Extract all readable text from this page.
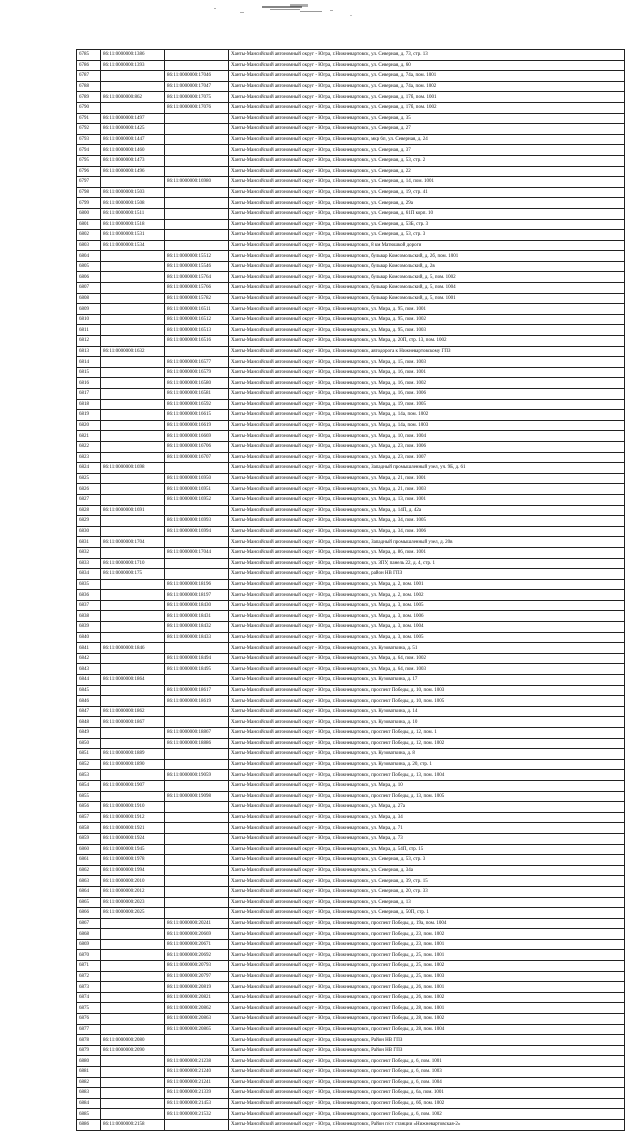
6785	86:11:0000000:1386		Ханты-Мансийский автономный округ - Югра, г.Нижневартовск, ул. Северная, д. 73, стр. 13
6786	86:11:0000000:1393		Ханты-Мансийский автономный округ - Югра, г.Нижневартовск, ул. Северная, д. 60
6787		86:11:0000000:17046	Ханты-Мансийский автономный округ - Югра, г.Нижневартовск, ул. Северная, д. 74а, пом. 1001
6788		86:11:0000000:17047	Ханты-Мансийский автономный округ - Югра, г.Нижневартовск, ул. Северная, д. 74а, пом. 1002
6789	86:11:0000000:862	86:11:0000000:17075	Ханты-Мансийский автономный округ - Югра, г.Нижневартовск, ул. Северная, д. 17б, пом. 1001
6790		86:11:0000000:17076	Ханты-Мансийский автономный округ - Югра, г.Нижневартовск, ул. Северная, д. 17б, пом. 1002
6791	86:11:0000000:1497		Ханты-Мансийский автономный округ - Югра, г.Нижневартовск, ул. Северная, д. 35
6792	86:11:0000000:1425		Ханты-Мансийский автономный округ - Югра, г.Нижневартовск, ул. Северная, д. 27
6793	86:11:0000000:1447		Ханты-Мансийский автономный округ - Югра, г.Нижневартовск, мкр 6п, ул. Северная, д. 24
6794	86:11:0000000:1460		Ханты-Мансийский автономный округ - Югра, г.Нижневартовск, ул. Северная, д. 37
6795	86:11:0000000:1473		Ханты-Мансийский автономный округ - Югра, г.Нижневартовск, ул. Северная, д. 53, стр. 2
6796	86:11:0000000:1496		Ханты-Мансийский автономный округ - Югра, г.Нижневартовск, ул. Северная, д. 22
6797		86:11:0000000:16980	Ханты-Мансийский автономный округ - Югра, г.Нижневартовск, ул. Северная, д. 14, пом. 1001
6798	86:11:0000000:1503		Ханты-Мансийский автономный округ - Югра, г.Нижневартовск, ул. Северная, д. 19, стр. 41
6799	86:11:0000000:1508		Ханты-Мансийский автономный округ - Югра, г.Нижневартовск, ул. Северная, д. 29а
6800	86:11:0000000:1511		Ханты-Мансийский автономный округ - Югра, г.Нижневартовск, ул. Северная, д. 61П корп. 10
6801	86:11:0000000:1518		Ханты-Мансийский автономный округ - Югра, г.Нижневартовск, ул. Северная, д. 53Б, стр. 3
6802	86:11:0000000:1531		Ханты-Мансийский автономный округ - Югра, г.Нижневартовск, ул. Северная, д. 53, стр. 3
6803	86:11:0000000:1534		Ханты-Мансийский автономный округ - Югра, г.Нижневартовск, 8 км Матюшкой дороги
6804		86:11:0000000:15512	Ханты-Мансийский автономный округ - Югра, г.Нижневартовск, бульвар Комсомольский, д. 2б, пом. 1001
6805		86:11:0000000:15546	Ханты-Мансийский автономный округ - Югра, г.Нижневартовск, бульвар Комсомольский, д. 2в
6806		86:11:0000000:15764	Ханты-Мансийский автономный округ - Югра, г.Нижневартовск, бульвар Комсомольский, д. 5, пом. 1002
6807		86:11:0000000:15766	Ханты-Мансийский автономный округ - Югра, г.Нижневартовск, бульвар Комсомольский, д. 5, пом. 1004
6808		86:11:0000000:15782	Ханты-Мансийский автономный округ - Югра, г.Нижневартовск, бульвар Комсомольский, д. 5, пом. 1001
6809		86:11:0000000:16511	Ханты-Мансийский автономный округ - Югра, г.Нижневартовск, ул. Мира, д. 95, пом. 1001
6810		86:11:0000000:16512	Ханты-Мансийский автономный округ - Югра, г.Нижневартовск, ул. Мира, д. 95, пом. 1002
6811		86:11:0000000:16513	Ханты-Мансийский автономный округ - Югра, г.Нижневартовск, ул. Мира, д. 95, пом. 1003
6812		86:11:0000000:16516	Ханты-Мансийский автономный округ - Югра, г.Нижневартовск, ул. Мира, д. 20П, стр. 13, пом. 1002
6813	86:11:0000000:1632		Ханты-Мансийский автономный округ - Югра, г.Нижневартовск, автодорога к Нижневартовскому ГПЗ
6814		86:11:0000000:16577	Ханты-Мансийский автономный округ - Югра, г.Нижневартовск, ул. Мира, д. 15, пом. 1003
6815		86:11:0000000:16579	Ханты-Мансийский автономный округ - Югра, г.Нижневартовск, ул. Мира, д. 16, пом. 1001
6816		86:11:0000000:16580	Ханты-Мансийский автономный округ - Югра, г.Нижневартовск, ул. Мира, д. 16, пом. 1002
6817		86:11:0000000:16581	Ханты-Мансийский автономный округ - Югра, г.Нижневартовск, ул. Мира, д. 16, пом. 1006
6818		86:11:0000000:16592	Ханты-Мансийский автономный округ - Югра, г.Нижневартовск, ул. Мира, д. 19, пом. 1005
6819		86:11:0000000:16615	Ханты-Мансийский автономный округ - Югра, г.Нижневартовск, ул. Мира, д. 14а, пом. 1002
6820		86:11:0000000:16619	Ханты-Мансийский автономный округ - Югра, г.Нижневартовск, ул. Мира, д. 14а, пом. 1003
6821		86:11:0000000:16669	Ханты-Мансийский автономный округ - Югра, г.Нижневартовск, ул. Мира, д. 10, пом. 1004
6822		86:11:0000000:16706	Ханты-Мансийский автономный округ - Югра, г.Нижневартовск, ул. Мира, д. 23, пом. 1006
6823		86:11:0000000:16707	Ханты-Мансийский автономный округ - Югра, г.Нижневартовск, ул. Мира, д. 23, пом. 1007
6824	86:11:0000000:1698		Ханты-Мансийский автономный округ - Югра, г.Нижневартовск, Западный промышленный узел, уч. 9Б, д. 61
6825		86:11:0000000:16950	Ханты-Мансийский автономный округ - Югра, г.Нижневартовск, ул. Мира, д. 21, пом. 1001
6826		86:11:0000000:16951	Ханты-Мансийский автономный округ - Югра, г.Нижневартовск, ул. Мира, д. 21, пом. 1003
6827		86:11:0000000:16952	Ханты-Мансийский автономный округ - Югра, г.Нижневартовск, ул. Мира, д. 13, пом. 1001
6828	86:11:0000000:1691		Ханты-Мансийский автономный округ - Югра, г.Нижневартовск, ул. Мира, д. 14П, д. 42а
6829		86:11:0000000:16993	Ханты-Мансийский автономный округ - Югра, г.Нижневартовск, ул. Мира, д. 34, пом. 1005
6830		86:11:0000000:16994	Ханты-Мансийский автономный округ - Югра, г.Нижневартовск, ул. Мира, д. 34, пом. 1006
6831	86:11:0000000:1704		Ханты-Мансийский автономный округ - Югра, г.Нижневартовск, Западный промышленный узел, д. 20в
6832		86:11:0000000:17044	Ханты-Мансийский автономный округ - Югра, г.Нижневартовск, ул. Мира, д. 86, пом. 1001
6833	86:11:0000000:1710		Ханты-Мансийский автономный округ - Югра, г.Нижневартовск, ул. ЗПУ, панель 22, д. 4, стр. 1
6834	86:11:0000000:175		Ханты-Мансийский автономный округ - Югра, г.Нижневартовск, район НВ ГПЗ
6835		86:11:0000000:18196	Ханты-Мансийский автономный округ - Югра, г.Нижневартовск, ул. Мира, д. 2, пом. 1001
6836		86:11:0000000:18197	Ханты-Мансийский автономный округ - Югра, г.Нижневартовск, ул. Мира, д. 2, пом. 1002
6837		86:11:0000000:18430	Ханты-Мансийский автономный округ - Югра, г.Нижневартовск, ул. Мира, д. 3, пом. 1005
6838		86:11:0000000:18431	Ханты-Мансийский автономный округ - Югра, г.Нижневартовск, ул. Мира, д. 3, пом. 1006
6839		86:11:0000000:18432	Ханты-Мансийский автономный округ - Югра, г.Нижневартовск, ул. Мира, д. 3, пом. 1004
6840		86:11:0000000:18433	Ханты-Мансийский автономный округ - Югра, г.Нижневартовск, ул. Мира, д. 3, пом. 1005
6841	86:11:0000000:1846		Ханты-Мансийский автономный округ - Югра, г.Нижневартовск, ул. Кузоваткина, д. 51
6842		86:11:0000000:18494	Ханты-Мансийский автономный округ - Югра, г.Нижневартовск, ул. Мира, д. 64, пом. 1002
6843		86:11:0000000:18495	Ханты-Мансийский автономный округ - Югра, г.Нижневартовск, ул. Мира, д. 64, пом. 1003
6844	86:11:0000000:1864		Ханты-Мансийский автономный округ - Югра, г.Нижневартовск, ул. Кузоваткина, д. 17
6845		86:11:0000000:18617	Ханты-Мансийский автономный округ - Югра, г.Нижневартовск, проспект Победы, д. 10, пом. 1003
6846		86:11:0000000:18619	Ханты-Мансийский автономный округ - Югра, г.Нижневартовск, проспект Победы, д. 10, пом. 1005
6847	86:11:0000000:1862		Ханты-Мансийский автономный округ - Югра, г.Нижневартовск, ул. Кузоваткина, д. 14
6848	86:11:0000000:1867		Ханты-Мансийский автономный округ - Югра, г.Нижневартовск, ул. Кузоваткина, д. 10
6849		86:11:0000000:18867	Ханты-Мансийский автономный округ - Югра, г.Нижневартовск, проспект Победы, д. 12, пом. 1
6850		86:11:0000000:18886	Ханты-Мансийский автономный округ - Югра, г.Нижневартовск, проспект Победы, д. 12, пом. 1002
6851	86:11:0000000:1889		Ханты-Мансийский автономный округ - Югра, г.Нижневартовск, ул. Кузоваткина, д. 8
6852	86:11:0000000:1890		Ханты-Мансийский автономный округ - Югра, г.Нижневартовск, ул. Кузоваткина, д. 20, стр. 1
6853		86:11:0000000:19059	Ханты-Мансийский автономный округ - Югра, г.Нижневартовск, проспект Победы, д. 13, пом. 1004
6854	86:11:0000000:1907		Ханты-Мансийский автономный округ - Югра, г.Нижневартовск, ул. Мира, д. 10
6855		86:11:0000000:19098	Ханты-Мансийский автономный округ - Югра, г.Нижневартовск, проспект Победы, д. 13, пом. 1005
6856	86:11:0000000:1910		Ханты-Мансийский автономный округ - Югра, г.Нижневартовск, ул. Мира, д. 27а
6857	86:11:0000000:1912		Ханты-Мансийский автономный округ - Югра, г.Нижневартовск, ул. Мира, д. 34
6858	86:11:0000000:1921		Ханты-Мансийский автономный округ - Югра, г.Нижневартовск, ул. Мира, д. 71
6859	86:11:0000000:1924		Ханты-Мансийский автономный округ - Югра, г.Нижневартовск, ул. Мира, д. 73
6860	86:11:0000000:1945		Ханты-Мансийский автономный округ - Югра, г.Нижневартовск, ул. Мира, д. 54П, стр. 15
6861	86:11:0000000:1978		Ханты-Мансийский автономный округ - Югра, г.Нижневартовск, ул. Северная, д. 53, стр. 3
6862	86:11:0000000:1994		Ханты-Мансийский автономный округ - Югра, г.Нижневартовск, ул. Северная, д. 34а
6863	86:11:0000000:2010		Ханты-Мансийский автономный округ - Югра, г.Нижневартовск, ул. Северная, д. 39, стр. 15
6864	86:11:0000000:2012		Ханты-Мансийский автономный округ - Югра, г.Нижневартовск, ул. Северная, д. 20, стр. 33
6865	86:11:0000000:2023		Ханты-Мансийский автономный округ - Югра, г.Нижневартовск, ул. Северная, д. 13
6866	86:11:0000000:2025		Ханты-Мансийский автономный округ - Югра, г.Нижневартовск, ул. Северная, д. 50П, стр. 1
6867		86:11:0000000:20241	Ханты-Мансийский автономный округ - Югра, г.Нижневартовск, проспект Победы, д. 19а, пом. 1004
6868		86:11:0000000:20669	Ханты-Мансийский автономный округ - Югра, г.Нижневартовск, проспект Победы, д. 23, пом. 1002
6869		86:11:0000000:20671	Ханты-Мансийский автономный округ - Югра, г.Нижневартовск, проспект Победы, д. 23, пом. 1001
6870		86:11:0000000:20692	Ханты-Мансийский автономный округ - Югра, г.Нижневартовск, проспект Победы, д. 25, пом. 1001
6871		86:11:0000000:20793	Ханты-Мансийский автономный округ - Югра, г.Нижневартовск, проспект Победы, д. 25, пом. 1002
6872		86:11:0000000:20797	Ханты-Мансийский автономный округ - Югра, г.Нижневартовск, проспект Победы, д. 25, пом. 1003
6873		86:11:0000000:20819	Ханты-Мансийский автономный округ - Югра, г.Нижневартовск, проспект Победы, д. 26, пом. 1001
6874		86:11:0000000:20821	Ханты-Мансийский автономный округ - Югра, г.Нижневартовск, проспект Победы, д. 26, пом. 1002
6875		86:11:0000000:20862	Ханты-Мансийский автономный округ - Югра, г.Нижневартовск, проспект Победы, д. 28, пом. 1001
6876		86:11:0000000:20863	Ханты-Мансийский автономный округ - Югра, г.Нижневартовск, проспект Победы, д. 28, пом. 1002
6877		86:11:0000000:20865	Ханты-Мансийский автономный округ - Югра, г.Нижневартовск, проспект Победы, д. 28, пом. 1004
6878	86:11:0000000:2080		Ханты-Мансийский автономный округ - Югра, г.Нижневартовск, Район НВ ГПЗ
6879	86:11:0000000:2090		Ханты-Мансийский автономный округ - Югра, г.Нижневартовск, Район НВ ГПЗ
6880		86:11:0000000:21238	Ханты-Мансийский автономный округ - Югра, г.Нижневартовск, проспект Победы, д. 6, пом. 1001
6881		86:11:0000000:21240	Ханты-Мансийский автономный округ - Югра, г.Нижневартовск, проспект Победы, д. 6, пом. 1003
6882		86:11:0000000:21241	Ханты-Мансийский автономный округ - Югра, г.Нижневартовск, проспект Победы, д. 6, пом. 1004
6883		86:11:0000000:21339	Ханты-Мансийский автономный округ - Югра, г.Нижневартовск, проспект Победы, д. 6а, пом. 1001
6884		86:11:0000000:21453	Ханты-Мансийский автономный округ - Югра, г.Нижневартовск, проспект Победы, д. 6б, пом. 1002
6885		86:11:0000000:21532	Ханты-Мансийский автономный округ - Югра, г.Нижневартовск, проспект Победы, д. 6, пом. 1002
6886	86:11:0000000:2158		Ханты-Мансийский автономный округ - Югра, г.Нижневартовск, Район п/ст станции «Нижневартовская-2»
